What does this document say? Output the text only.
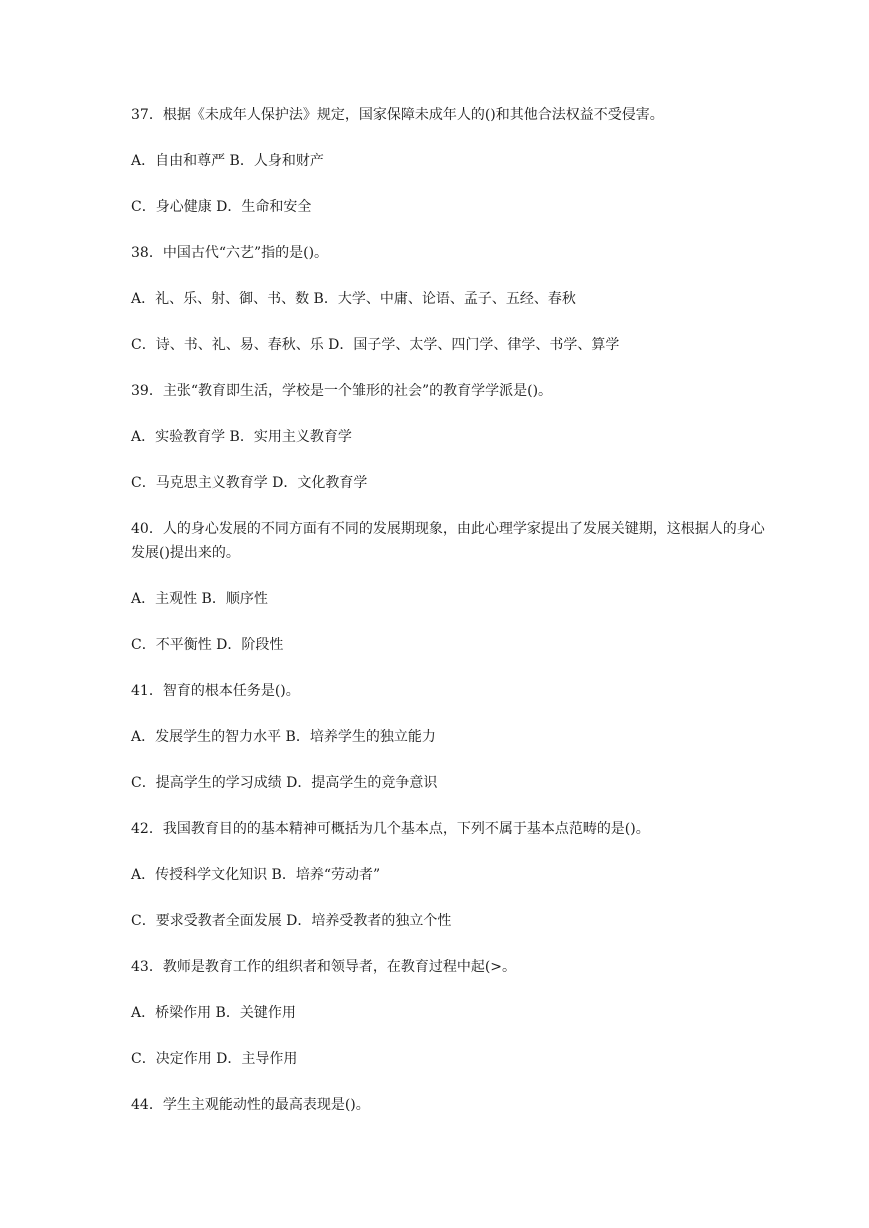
37．根据《未成年人保护法》规定，国家保障未成年人的()和其他合法权益不受侵害。

A．自由和尊严 B．人身和财产

C．身心健康 D．生命和安全

38．中国古代“六艺”指的是()。

A．礼、乐、射、御、书、数 B．大学、中庸、论语、孟子、五经、春秋

C．诗、书、礼、易、春秋、乐 D．国子学、太学、四门学、律学、书学、算学

39．主张“教育即生活，学校是一个雏形的社会”的教育学学派是()。

A．实验教育学 B．实用主义教育学

C．马克思主义教育学 D．文化教育学

40．人的身心发展的不同方面有不同的发展期现象，由此心理学家提出了发展关键期，这根据人的身心发展()提出来的。

A．主观性 B．顺序性

C．不平衡性 D．阶段性

41．智育的根本任务是()。

A．发展学生的智力水平 B．培养学生的独立能力

C．提高学生的学习成绩 D．提高学生的竞争意识

42．我国教育目的的基本精神可概括为几个基本点，下列不属于基本点范畴的是()。

A．传授科学文化知识 B．培养“劳动者”

C．要求受教者全面发展 D．培养受教者的独立个性

43．教师是教育工作的组织者和领导者，在教育过程中起(>。

A．桥梁作用 B．关键作用

C．决定作用 D．主导作用

44．学生主观能动性的最高表现是()。
